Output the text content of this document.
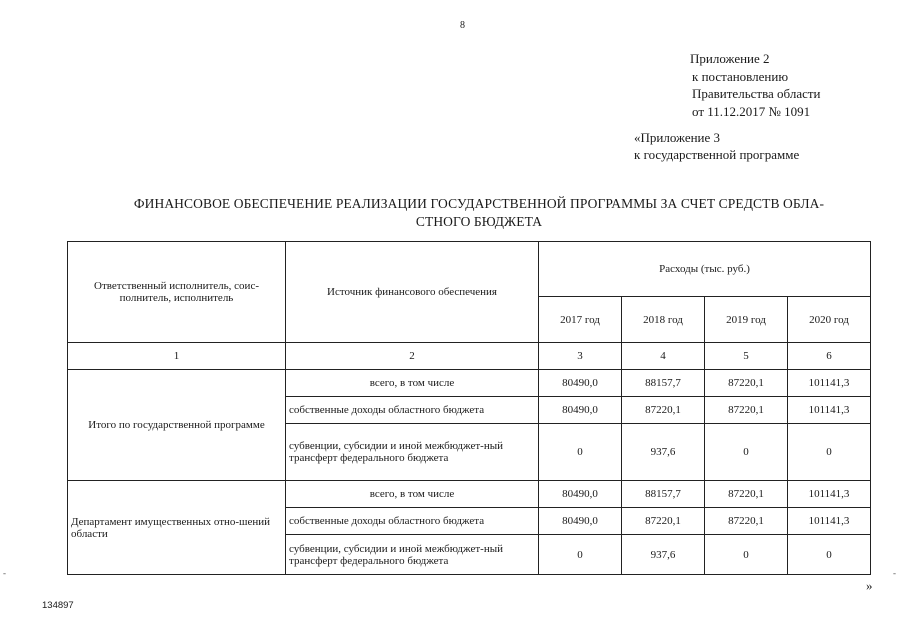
8
Приложение 2
к постановлению
Правительства области
от 11.12.2017 № 1091
«Приложение 3
к государственной программе
ФИНАНСОВОЕ ОБЕСПЕЧЕНИЕ РЕАЛИЗАЦИИ ГОСУДАРСТВЕННОЙ ПРОГРАММЫ ЗА СЧЕТ СРЕДСТВ ОБЛА-
СТНОГО БЮДЖЕТА
Ответственный исполнитель, соис-полнитель, исполнитель	Источник финансового обеспечения	Расходы (тыс. руб.)			
		2017 год	2018 год	2019 год	2020 год
1	2	3	4	5	6
Итого по государственной программе	всего, в том числе	80490,0	88157,7	87220,1	101141,3
	собственные доходы областного бюджета	80490,0	87220,1	87220,1	101141,3
	субвенции, субсидии и иной межбюджет-ный трансферт федерального бюджета	0	937,6	0	0
Департамент имущественных отно-шений области	всего, в том числе	80490,0	88157,7	87220,1	101141,3
	собственные доходы областного бюджета	80490,0	87220,1	87220,1	101141,3
	субвенции, субсидии и иной межбюджет-ный трансферт федерального бюджета	0	937,6	0	0
»
134897
-	-
